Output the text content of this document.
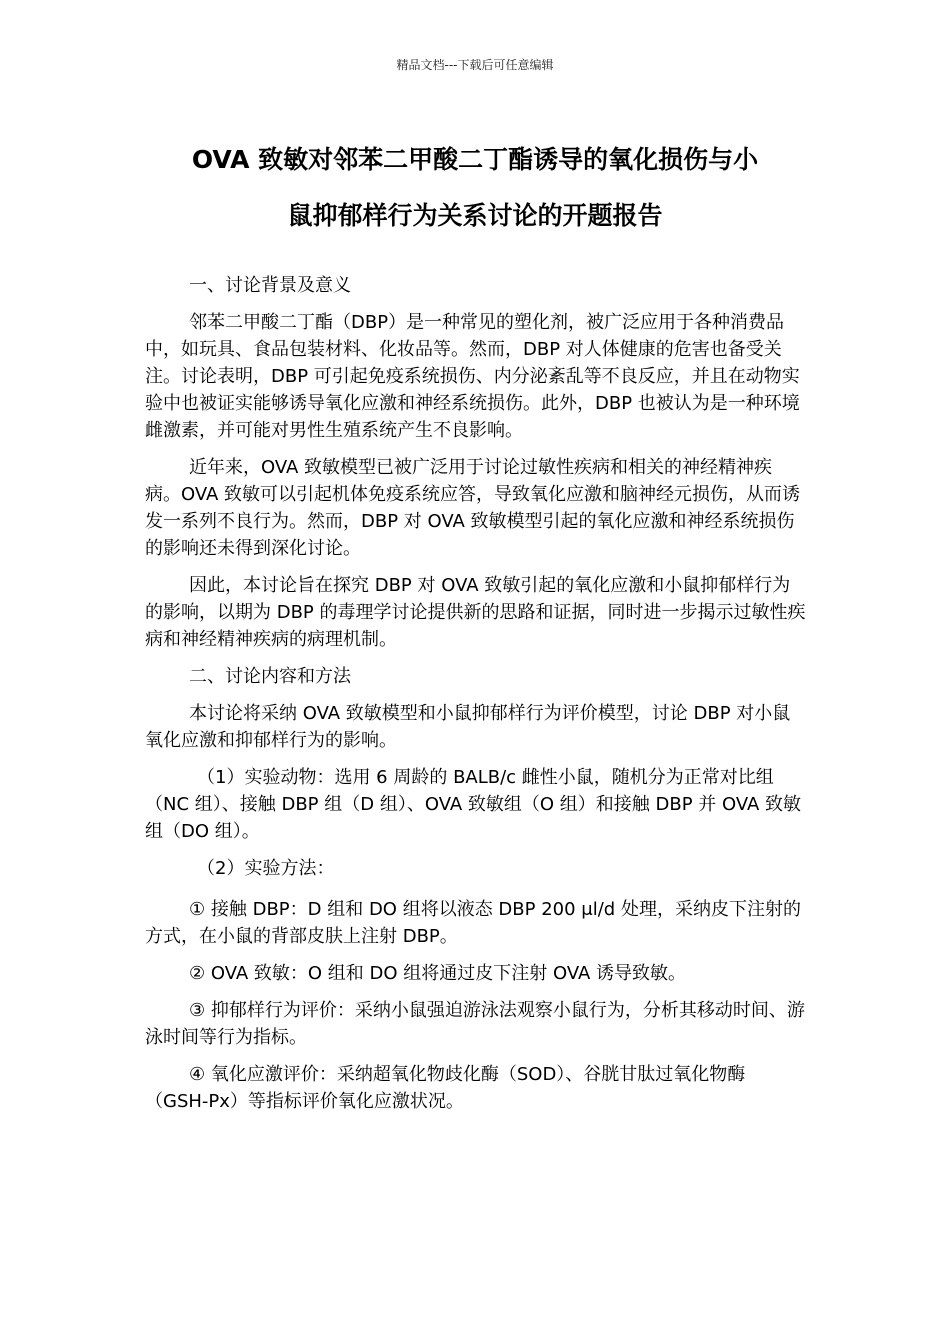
精品文档---下载后可任意编辑
OVA 致敏对邻苯二甲酸二丁酯诱导的氧化损伤与小
鼠抑郁样行为关系讨论的开题报告

一、讨论背景及意义

邻苯二甲酸二丁酯（DBP）是一种常见的塑化剂，被广泛应用于各种消费品中，如玩具、食品包装材料、化妆品等。然而，DBP 对人体健康的危害也备受关注。讨论表明，DBP 可引起免疫系统损伤、内分泌紊乱等不良反应，并且在动物实验中也被证实能够诱导氧化应激和神经系统损伤。此外，DBP 也被认为是一种环境雌激素，并可能对男性生殖系统产生不良影响。

近年来，OVA 致敏模型已被广泛用于讨论过敏性疾病和相关的神经精神疾病。OVA 致敏可以引起机体免疫系统应答，导致氧化应激和脑神经元损伤，从而诱发一系列不良行为。然而，DBP 对 OVA 致敏模型引起的氧化应激和神经系统损伤的影响还未得到深化讨论。

因此，本讨论旨在探究 DBP 对 OVA 致敏引起的氧化应激和小鼠抑郁样行为的影响，以期为 DBP 的毒理学讨论提供新的思路和证据，同时进一步揭示过敏性疾病和神经精神疾病的病理机制。

二、讨论内容和方法

本讨论将采纳 OVA 致敏模型和小鼠抑郁样行为评价模型，讨论 DBP 对小鼠氧化应激和抑郁样行为的影响。

（1）实验动物：选用 6 周龄的 BALB/c 雌性小鼠，随机分为正常对比组（NC 组）、接触 DBP 组（D 组）、OVA 致敏组（O 组）和接触 DBP 并 OVA 致敏组（DO 组）。

（2）实验方法：

① 接触 DBP：D 组和 DO 组将以液态 DBP 200 μl/d 处理，采纳皮下注射的方式，在小鼠的背部皮肤上注射 DBP。

② OVA 致敏：O 组和 DO 组将通过皮下注射 OVA 诱导致敏。

③ 抑郁样行为评价：采纳小鼠强迫游泳法观察小鼠行为，分析其移动时间、游泳时间等行为指标。

④ 氧化应激评价：采纳超氧化物歧化酶（SOD）、谷胱甘肽过氧化物酶（GSH-Px）等指标评价氧化应激状况。
